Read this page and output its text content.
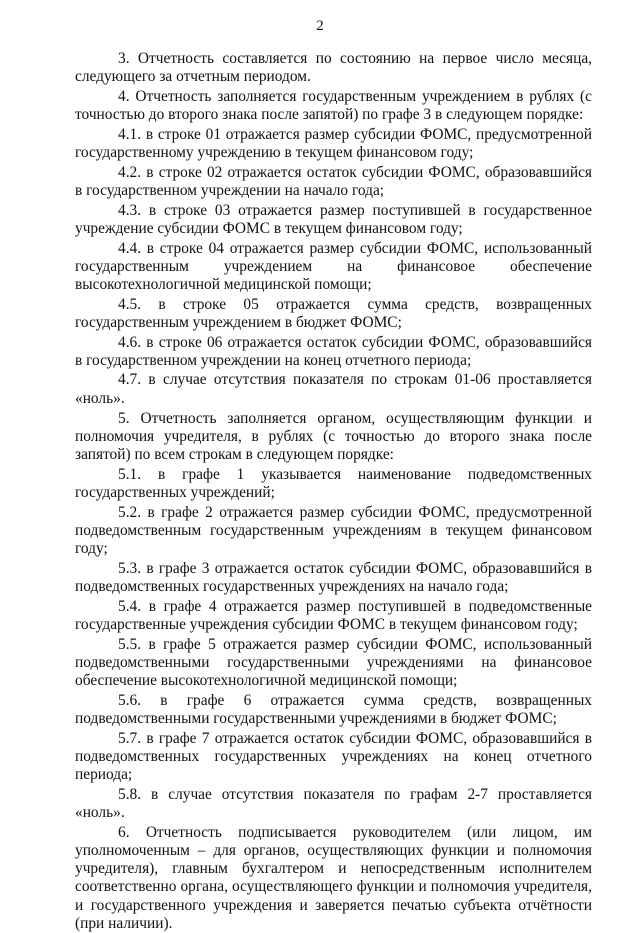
2

3. Отчетность составляется по состоянию на первое число месяца, следующего за отчетным периодом.

4. Отчетность заполняется государственным учреждением в рублях (с точностью до второго знака после запятой) по графе 3 в следующем порядке:

4.1. в строке 01 отражается размер субсидии ФОМС, предусмотренной государственному учреждению в текущем финансовом году;

4.2. в строке 02 отражается остаток субсидии ФОМС, образовавшийся в государственном учреждении на начало года;

4.3. в строке 03 отражается размер поступившей в государственное учреждение субсидии ФОМС в текущем финансовом году;

4.4. в строке 04 отражается размер субсидии ФОМС, использованный государственным учреждением на финансовое обеспечение высокотехнологичной медицинской помощи;

4.5. в строке 05 отражается сумма средств, возвращенных государственным учреждением в бюджет ФОМС;

4.6. в строке 06 отражается остаток субсидии ФОМС, образовавшийся в государственном учреждении на конец отчетного периода;

4.7. в случае отсутствия показателя по строкам 01-06 проставляется «ноль».

5. Отчетность заполняется органом, осуществляющим функции и полномочия учредителя, в рублях (с точностью до второго знака после запятой) по всем строкам в следующем порядке:

5.1. в графе 1 указывается наименование подведомственных государственных учреждений;

5.2. в графе 2 отражается размер субсидии ФОМС, предусмотренной подведомственным государственным учреждениям в текущем финансовом году;

5.3. в графе 3 отражается остаток субсидии ФОМС, образовавшийся в подведомственных государственных учреждениях на начало года;

5.4. в графе 4 отражается размер поступившей в подведомственные государственные учреждения субсидии ФОМС в текущем финансовом году;

5.5. в графе 5 отражается размер субсидии ФОМС, использованный подведомственными государственными учреждениями на финансовое обеспечение высокотехнологичной медицинской помощи;

5.6. в графе 6 отражается сумма средств, возвращенных подведомственными государственными учреждениями в бюджет ФОМС;

5.7. в графе 7 отражается остаток субсидии ФОМС, образовавшийся в подведомственных государственных учреждениях на конец отчетного периода;

5.8. в случае отсутствия показателя по графам 2-7 проставляется «ноль».

6. Отчетность подписывается руководителем (или лицом, им уполномоченным – для органов, осуществляющих функции и полномочия учредителя), главным бухгалтером и непосредственным исполнителем соответственно органа, осуществляющего функции и полномочия учредителя, и государственного учреждения и заверяется печатью субъекта отчётности (при наличии).
